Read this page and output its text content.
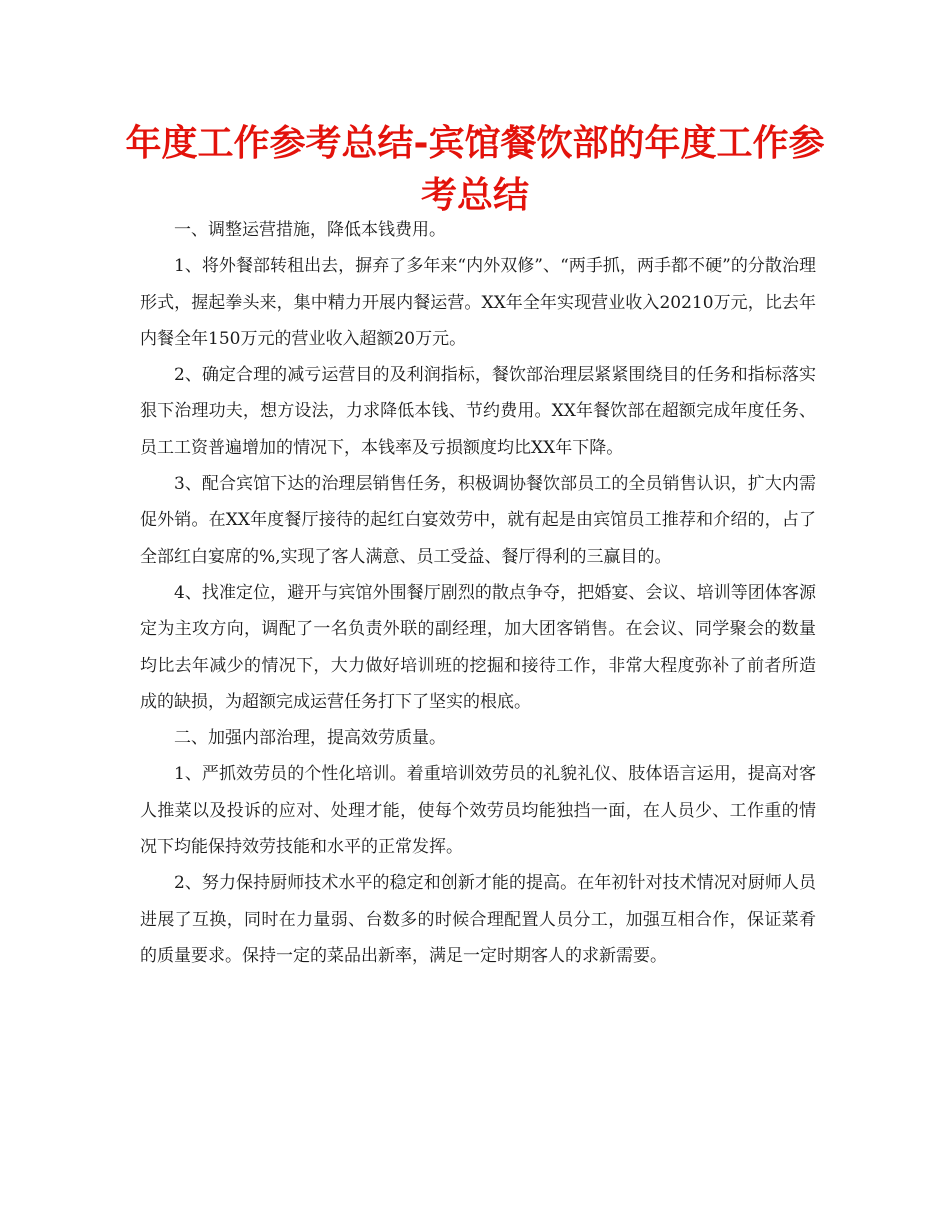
年度工作参考总结-宾馆餐饮部的年度工作参考总结

一、调整运营措施，降低本钱费用。

1、将外餐部转租出去，摒弃了多年来“内外双修”、“两手抓，两手都不硬”的分散治理形式，握起拳头来，集中精力开展内餐运营。XX年全年实现营业收入20210万元，比去年内餐全年150万元的营业收入超额20万元。

2、确定合理的减亏运营目的及利润指标，餐饮部治理层紧紧围绕目的任务和指标落实狠下治理功夫，想方设法，力求降低本钱、节约费用。XX年餐饮部在超额完成年度任务、员工工资普遍增加的情况下，本钱率及亏损额度均比XX年下降。

3、配合宾馆下达的治理层销售任务，积极调协餐饮部员工的全员销售认识，扩大内需促外销。在XX年度餐厅接待的起红白宴效劳中，就有起是由宾馆员工推荐和介绍的，占了全部红白宴席的%,实现了客人满意、员工受益、餐厅得利的三赢目的。

4、找准定位，避开与宾馆外围餐厅剧烈的散点争夺，把婚宴、会议、培训等团体客源定为主攻方向，调配了一名负责外联的副经理，加大团客销售。在会议、同学聚会的数量均比去年减少的情况下，大力做好培训班的挖掘和接待工作，非常大程度弥补了前者所造成的缺损，为超额完成运营任务打下了坚实的根底。

二、加强内部治理，提高效劳质量。

1、严抓效劳员的个性化培训。着重培训效劳员的礼貌礼仪、肢体语言运用，提高对客人推菜以及投诉的应对、处理才能，使每个效劳员均能独挡一面，在人员少、工作重的情况下均能保持效劳技能和水平的正常发挥。

2、努力保持厨师技术水平的稳定和创新才能的提高。在年初针对技术情况对厨师人员进展了互换，同时在力量弱、台数多的时候合理配置人员分工，加强互相合作，保证菜肴的质量要求。保持一定的菜品出新率，满足一定时期客人的求新需要。
